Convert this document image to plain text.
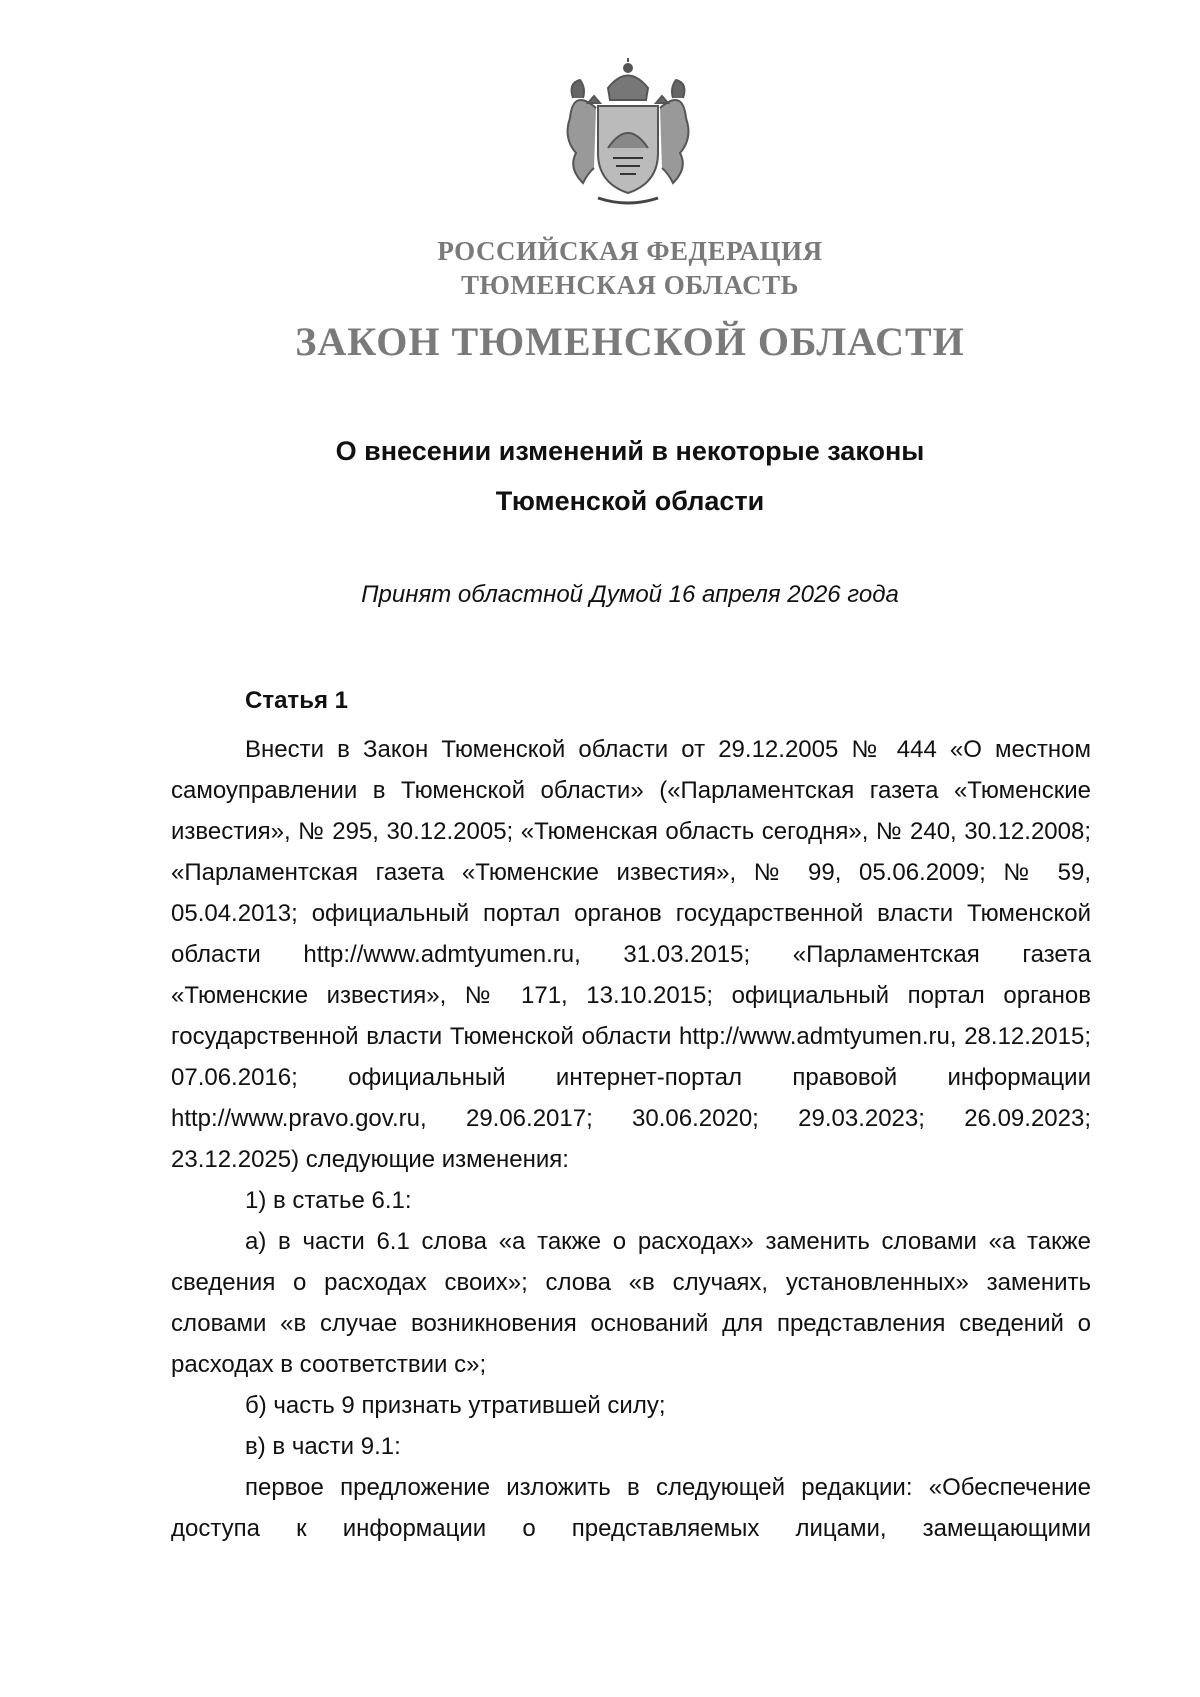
РОССИЙСКАЯ ФЕДЕРАЦИЯ
ТЮМЕНСКАЯ ОБЛАСТЬ
ЗАКОН ТЮМЕНСКОЙ ОБЛАСТИ
О внесении изменений в некоторые законы
Тюменской области
Принят областной Думой 16 апреля 2026 года
Статья 1

Внести в Закон Тюменской области от 29.12.2005 № 444 «О местном самоуправлении в Тюменской области» («Парламентская газета «Тюменские известия», № 295, 30.12.2005; «Тюменская область сегодня», № 240, 30.12.2008; «Парламентская газета «Тюменские известия», № 99, 05.06.2009; № 59, 05.04.2013; официальный портал органов государственной власти Тюменской области http://www.admtyumen.ru, 31.03.2015; «Парламентская газета «Тюменские известия», № 171, 13.10.2015; официальный портал органов государственной власти Тюменской области http://www.admtyumen.ru, 28.12.2015; 07.06.2016; официальный интернет-портал правовой информации http://www.pravo.gov.ru, 29.06.2017; 30.06.2020; 29.03.2023; 26.09.2023; 23.12.2025) следующие изменения:

1) в статье 6.1:

а) в части 6.1 слова «а также о расходах» заменить словами «а также сведения о расходах своих»; слова «в случаях, установленных» заменить словами «в случае возникновения оснований для представления сведений о расходах в соответствии с»;

б) часть 9 признать утратившей силу;

в) в части 9.1:

первое предложение изложить в следующей редакции: «Обеспечение доступа к информации о представляемых лицами, замещающими
